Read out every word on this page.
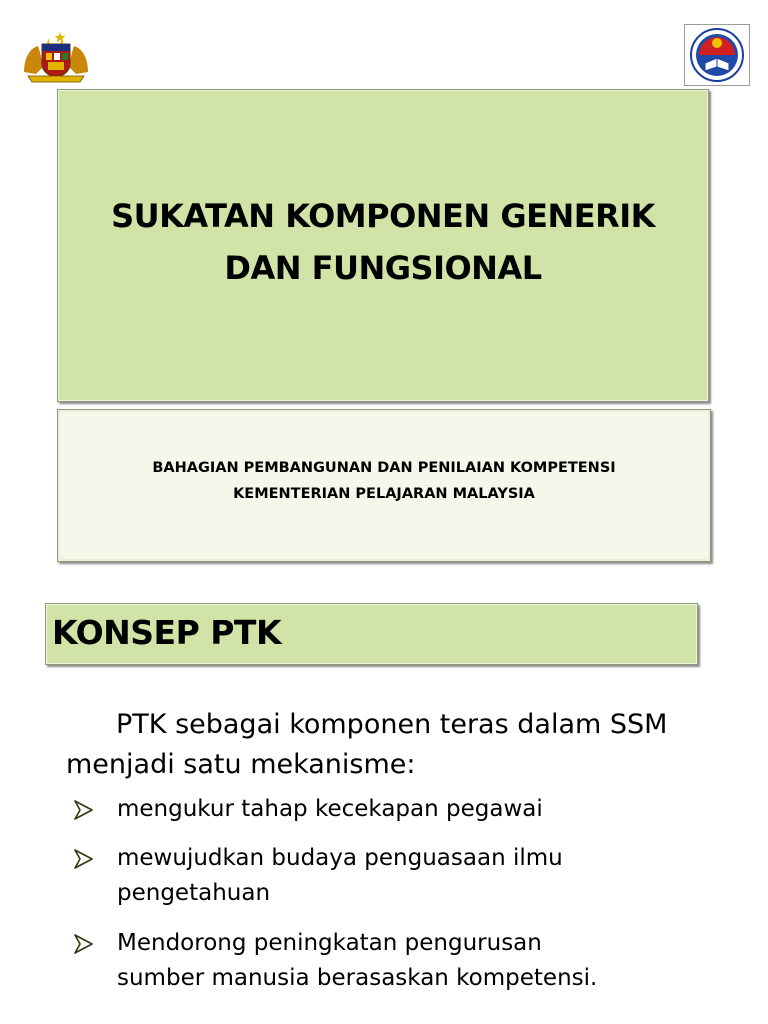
SUKATAN KOMPONEN GENERIK DAN FUNGSIONAL
BAHAGIAN PEMBANGUNAN DAN PENILAIAN KOMPETENSI
KEMENTERIAN PELAJARAN MALAYSIA
KONSEP PTK
PTK sebagai komponen teras dalam SSM menjadi satu mekanisme:
mengukur tahap kecekapan pegawai
mewujudkan budaya penguasaan ilmu pengetahuan
Mendorong peningkatan pengurusan sumber manusia berasaskan kompetensi.
